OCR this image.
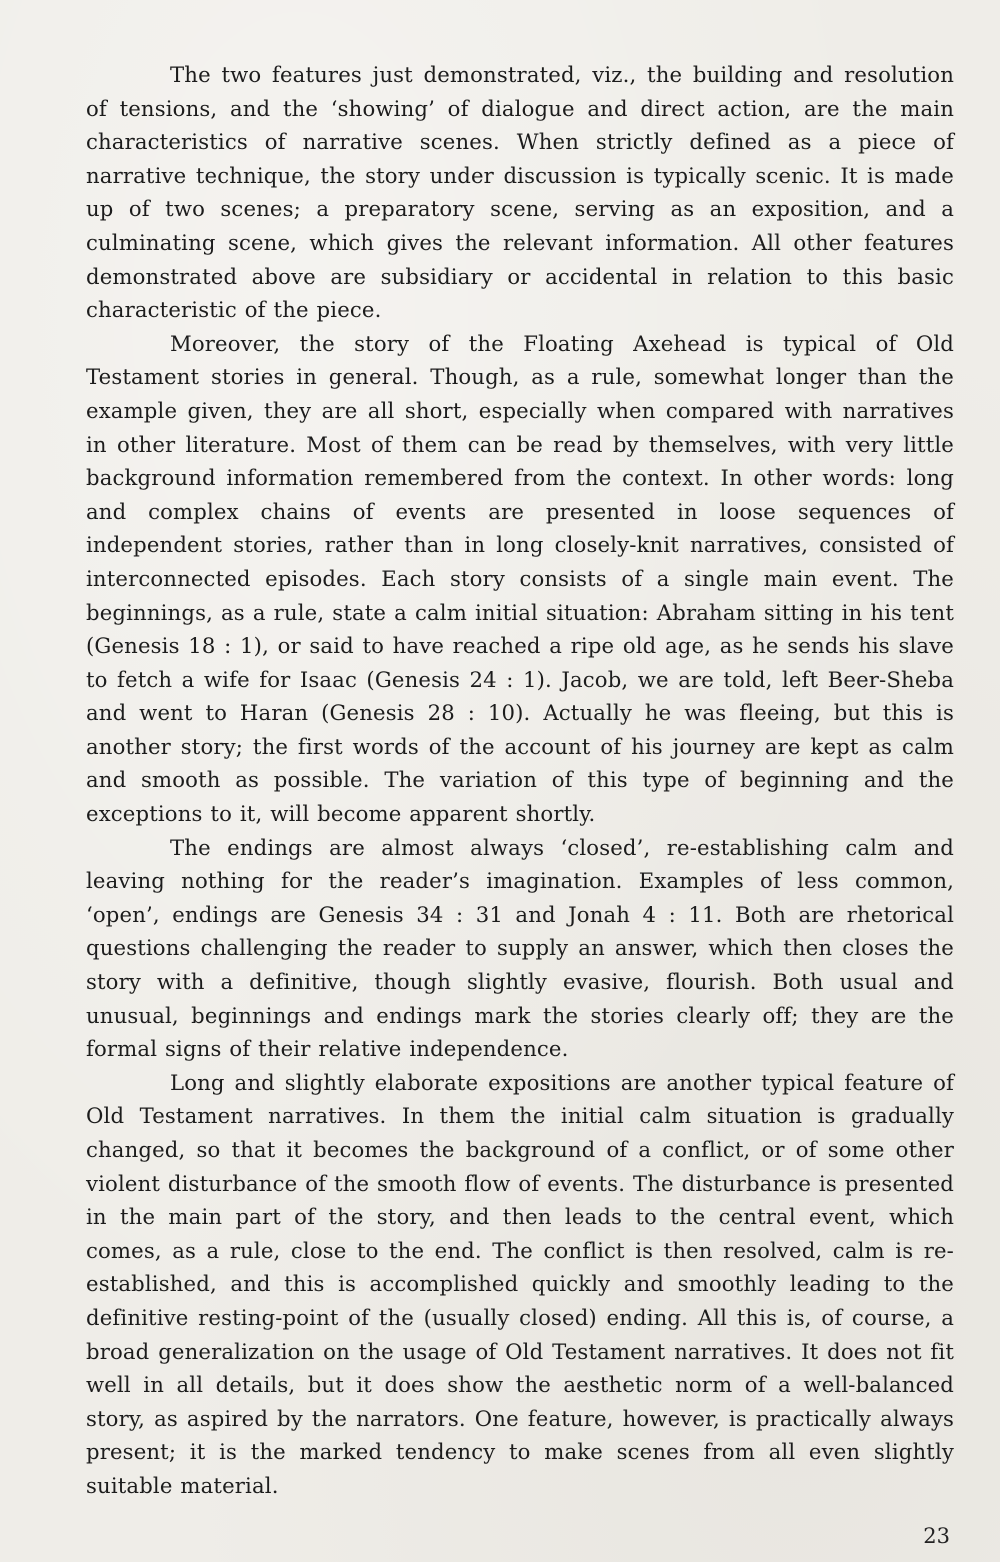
The two features just demonstrated, viz., the building and resolution of tensions, and the ‘showing’ of dialogue and direct action, are the main characteristics of narrative scenes. When strictly defined as a piece of narrative technique, the story under discussion is typically scenic. It is made up of two scenes; a preparatory scene, serving as an exposition, and a culminating scene, which gives the relevant information. All other features demonstrated above are subsidiary or accidental in relation to this basic characteristic of the piece.

Moreover, the story of the Floating Axehead is typical of Old Testament stories in general. Though, as a rule, somewhat longer than the example given, they are all short, especially when compared with narratives in other literature. Most of them can be read by themselves, with very little background information remembered from the context. In other words: long and complex chains of events are presented in loose sequences of independent stories, rather than in long closely-knit narratives, consisted of interconnected episodes. Each story consists of a single main event. The beginnings, as a rule, state a calm initial situation: Abraham sitting in his tent (Genesis 18 : 1), or said to have reached a ripe old age, as he sends his slave to fetch a wife for Isaac (Genesis 24 : 1). Jacob, we are told, left Beer-Sheba and went to Haran (Genesis 28 : 10). Actually he was fleeing, but this is another story; the first words of the account of his journey are kept as calm and smooth as possible. The variation of this type of beginning and the exceptions to it, will become apparent shortly.

The endings are almost always ‘closed’, re-establishing calm and leaving nothing for the reader’s imagination. Examples of less common, ‘open’, endings are Genesis 34 : 31 and Jonah 4 : 11. Both are rhetorical questions challenging the reader to supply an answer, which then closes the story with a definitive, though slightly evasive, flourish. Both usual and unusual, beginnings and endings mark the stories clearly off; they are the formal signs of their relative independence.

Long and slightly elaborate expositions are another typical feature of Old Testament narratives. In them the initial calm situation is gradually changed, so that it becomes the background of a conflict, or of some other violent disturbance of the smooth flow of events. The disturbance is presented in the main part of the story, and then leads to the central event, which comes, as a rule, close to the end. The conflict is then resolved, calm is re-established, and this is accomplished quickly and smoothly leading to the definitive resting-point of the (usually closed) ending. All this is, of course, a broad generalization on the usage of Old Testament narratives. It does not fit well in all details, but it does show the aesthetic norm of a well-balanced story, as aspired by the narrators. One feature, however, is practically always present; it is the marked tendency to make scenes from all even slightly suitable material.

23
